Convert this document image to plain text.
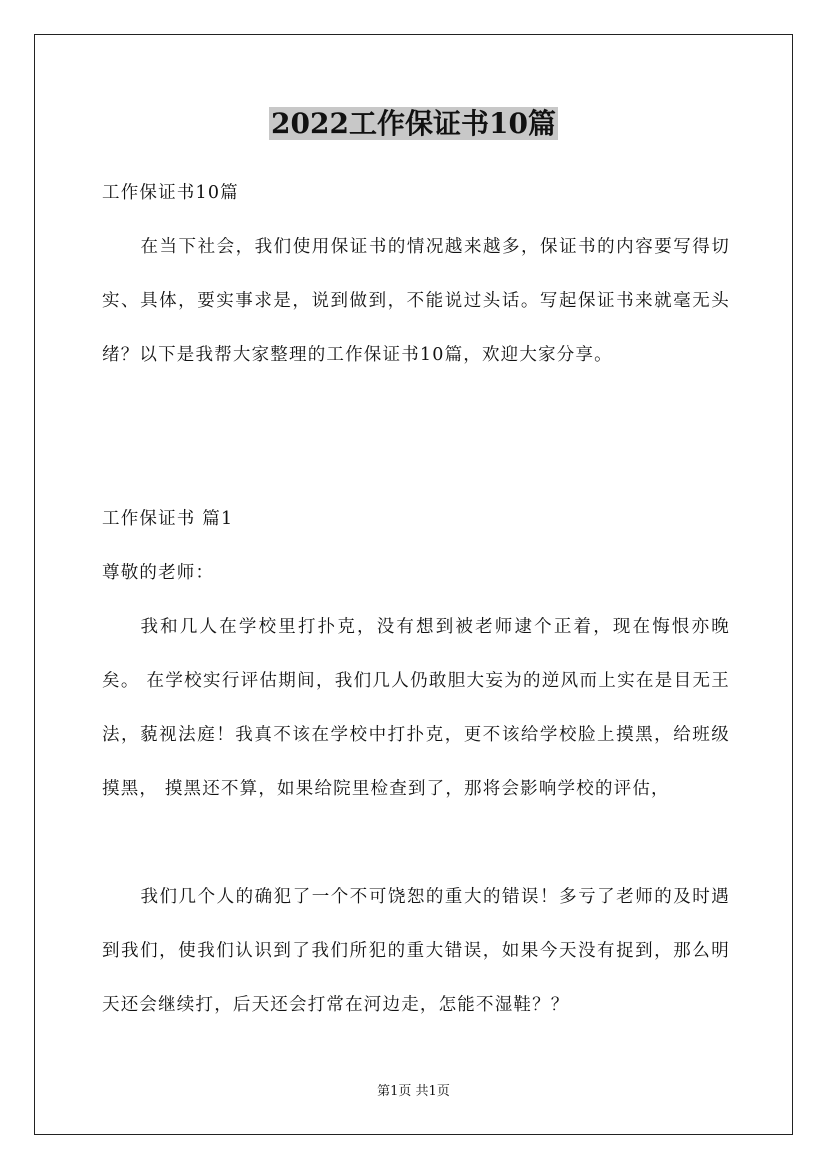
2022工作保证书10篇
工作保证书10篇
在当下社会，我们使用保证书的情况越来越多，保证书的内容要写得切实、具体，要实事求是，说到做到，不能说过头话。写起保证书来就毫无头绪？以下是我帮大家整理的工作保证书10篇，欢迎大家分享。
工作保证书 篇1
尊敬的老师：
我和几人在学校里打扑克，没有想到被老师逮个正着，现在悔恨亦晚矣。 在学校实行评估期间，我们几人仍敢胆大妄为的逆风而上实在是目无王法，藐视法庭！我真不该在学校中打扑克，更不该给学校脸上摸黑，给班级摸黑， 摸黑还不算，如果给院里检查到了，那将会影响学校的评估，
我们几个人的确犯了一个不可饶恕的重大的错误！多亏了老师的及时遇到我们，使我们认识到了我们所犯的重大错误，如果今天没有捉到，那么明天还会继续打，后天还会打常在河边走，怎能不湿鞋？？
第1页 共1页
